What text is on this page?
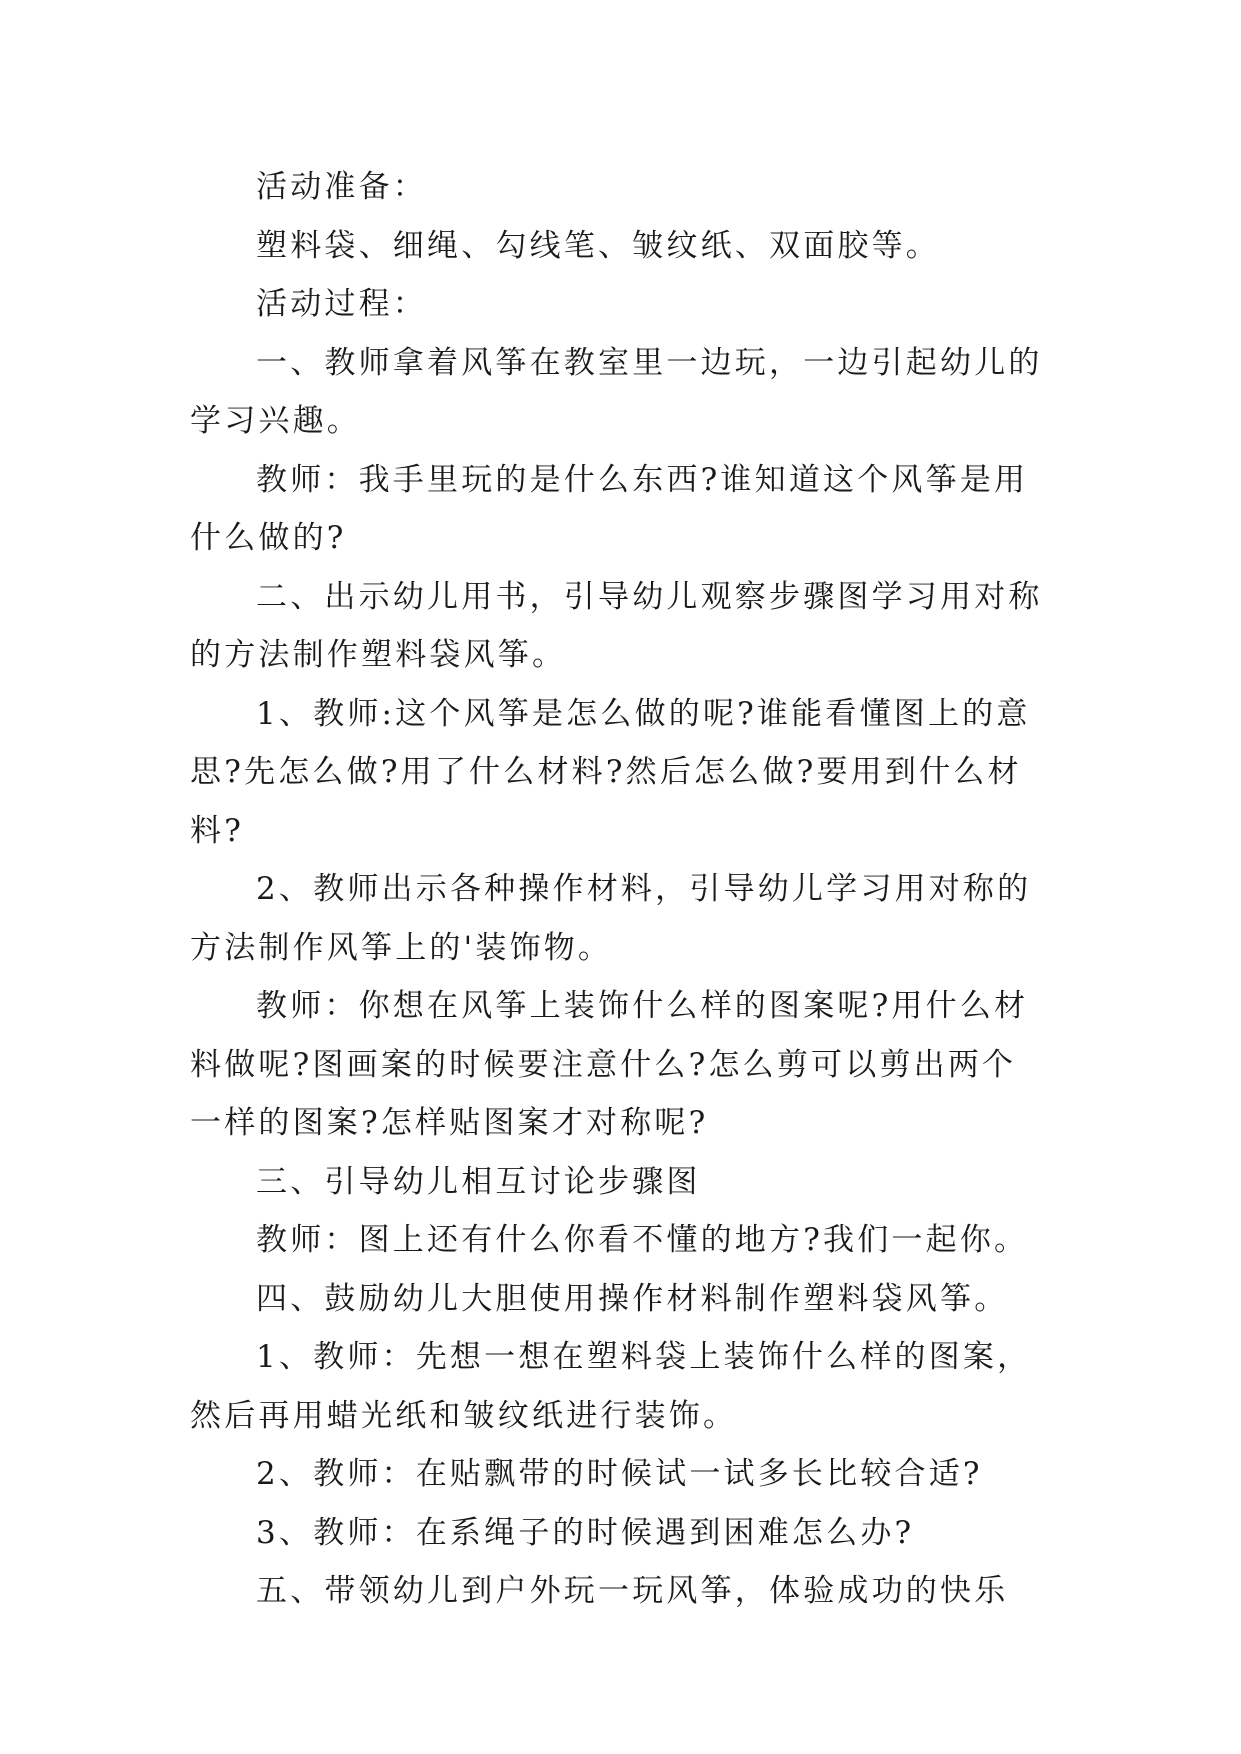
活动准备：

塑料袋、细绳、勾线笔、皱纹纸、双面胶等。

活动过程：

一、教师拿着风筝在教室里一边玩，一边引起幼儿的学习兴趣。

教师：我手里玩的是什么东西?谁知道这个风筝是用什么做的?

二、出示幼儿用书，引导幼儿观察步骤图学习用对称的方法制作塑料袋风筝。

1、教师:这个风筝是怎么做的呢?谁能看懂图上的意思?先怎么做?用了什么材料?然后怎么做?要用到什么材料?

2、教师出示各种操作材料，引导幼儿学习用对称的方法制作风筝上的'装饰物。

教师：你想在风筝上装饰什么样的图案呢?用什么材料做呢?图画案的时候要注意什么?怎么剪可以剪出两个一样的图案?怎样贴图案才对称呢?

三、引导幼儿相互讨论步骤图

教师：图上还有什么你看不懂的地方?我们一起你。

四、鼓励幼儿大胆使用操作材料制作塑料袋风筝。

1、教师：先想一想在塑料袋上装饰什么样的图案，然后再用蜡光纸和皱纹纸进行装饰。

2、教师：在贴飘带的时候试一试多长比较合适?

3、教师：在系绳子的时候遇到困难怎么办?

五、带领幼儿到户外玩一玩风筝，体验成功的快乐
